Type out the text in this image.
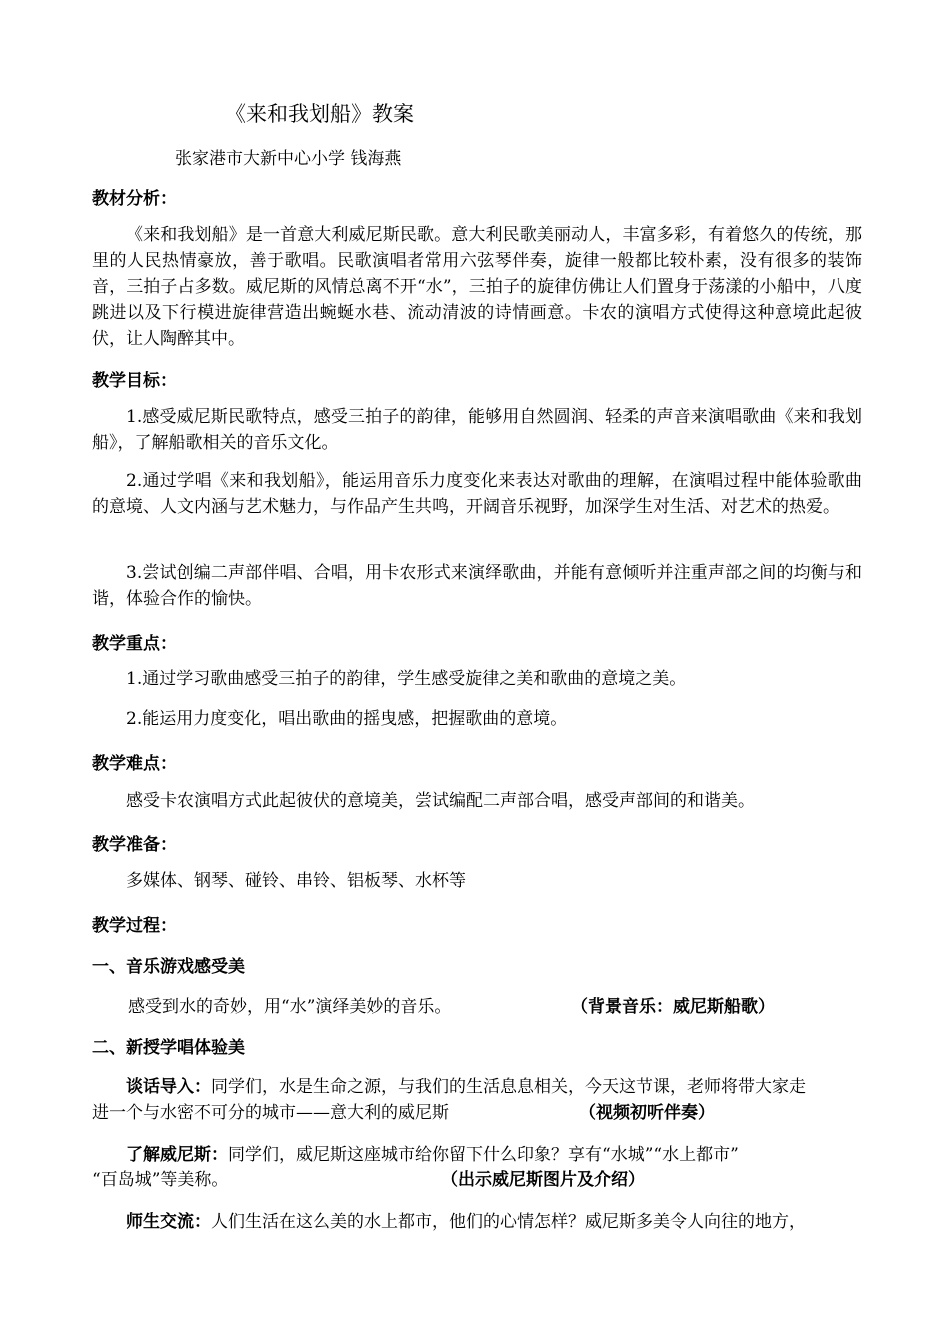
《来和我划船》教案
张家港市大新中心小学 钱海燕
教材分析：
《来和我划船》是一首意大利威尼斯民歌。意大利民歌美丽动人，丰富多彩，有着悠久的传统，那里的人民热情豪放，善于歌唱。民歌演唱者常用六弦琴伴奏，旋律一般都比较朴素，没有很多的装饰音，三拍子占多数。威尼斯的风情总离不开“水”，三拍子的旋律仿佛让人们置身于荡漾的小船中，八度跳进以及下行模进旋律营造出蜿蜒水巷、流动清波的诗情画意。卡农的演唱方式使得这种意境此起彼伏，让人陶醉其中。
教学目标：
1.感受威尼斯民歌特点，感受三拍子的韵律，能够用自然圆润、轻柔的声音来演唱歌曲《来和我划船》，了解船歌相关的音乐文化。
2.通过学唱《来和我划船》，能运用音乐力度变化来表达对歌曲的理解，在演唱过程中能体验歌曲的意境、人文内涵与艺术魅力，与作品产生共鸣，开阔音乐视野，加深学生对生活、对艺术的热爱。
3.尝试创编二声部伴唱、合唱，用卡农形式来演绎歌曲，并能有意倾听并注重声部之间的均衡与和谐，体验合作的愉快。
教学重点：
1.通过学习歌曲感受三拍子的韵律，学生感受旋律之美和歌曲的意境之美。
2.能运用力度变化，唱出歌曲的摇曳感，把握歌曲的意境。
教学难点：
感受卡农演唱方式此起彼伏的意境美，尝试编配二声部合唱，感受声部间的和谐美。
教学准备：
多媒体、钢琴、碰铃、串铃、铝板琴、水杯等
教学过程：
一、音乐游戏感受美
感受到水的奇妙，用“水”演绎美妙的音乐。	（背景音乐：威尼斯船歌）
二、新授学唱体验美
谈话导入：同学们，水是生命之源，与我们的生活息息相关，今天这节课，老师将带大家走
进一个与水密不可分的城市——意大利的威尼斯	（视频初听伴奏）
了解威尼斯：同学们，威尼斯这座城市给你留下什么印象？享有“水城”“水上都市”
“百岛城”等美称。	（出示威尼斯图片及介绍）
师生交流：人们生活在这么美的水上都市，他们的心情怎样？威尼斯多美令人向往的地方，
